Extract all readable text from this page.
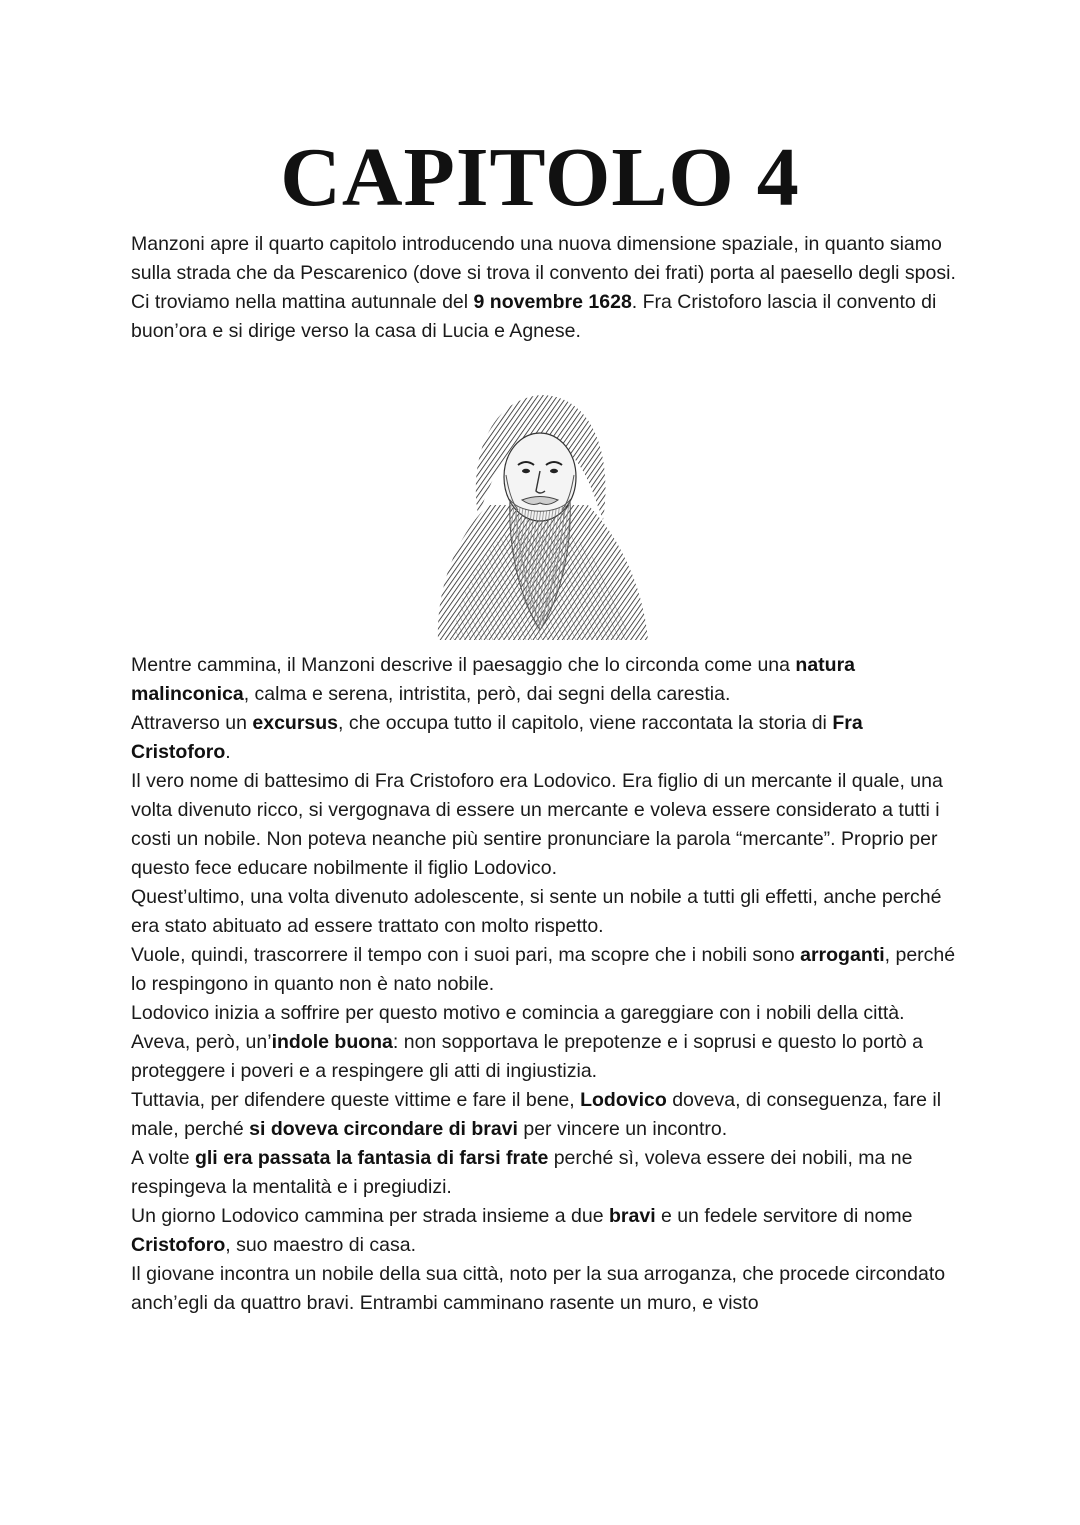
CAPITOLO 4

Manzoni apre il quarto capitolo introducendo una nuova dimensione spaziale, in quanto siamo sulla strada che da Pescarenico (dove si trova il convento dei frati) porta al paesello degli sposi.

Ci troviamo nella mattina autunnale del 9 novembre 1628. Fra Cristoforo lascia il convento di buon’ora e si dirige verso la casa di Lucia e Agnese.

Mentre cammina, il Manzoni descrive il paesaggio che lo circonda come una natura malinconica, calma e serena, intristita, però, dai segni della carestia.

Attraverso un excursus, che occupa tutto il capitolo, viene raccontata la storia di Fra Cristoforo.

Il vero nome di battesimo di Fra Cristoforo era Lodovico. Era figlio di un mercante il quale, una volta divenuto ricco, si vergognava di essere un mercante e voleva essere considerato a tutti i costi un nobile. Non poteva neanche più sentire pronunciare la parola “mercante”. Proprio per questo fece educare nobilmente il figlio Lodovico.

Quest’ultimo, una volta divenuto adolescente, si sente un nobile a tutti gli effetti, anche perché era stato abituato ad essere trattato con molto rispetto.

Vuole, quindi, trascorrere il tempo con i suoi pari, ma scopre che i nobili sono arroganti, perché lo respingono in quanto non è nato nobile.

Lodovico inizia a soffrire per questo motivo e comincia a gareggiare con i nobili della città. Aveva, però, un’indole buona: non sopportava le prepotenze e i soprusi e questo lo portò a proteggere i poveri e a respingere gli atti di ingiustizia.

Tuttavia, per difendere queste vittime e fare il bene, Lodovico doveva, di conseguenza, fare il male, perché si doveva circondare di bravi per vincere un incontro.

A volte gli era passata la fantasia di farsi frate perché sì, voleva essere dei nobili, ma ne respingeva la mentalità e i pregiudizi.

Un giorno Lodovico cammina per strada insieme a due bravi e un fedele servitore di nome Cristoforo, suo maestro di casa.

Il giovane incontra un nobile della sua città, noto per la sua arroganza, che procede circondato anch’egli da quattro bravi. Entrambi camminano rasente un muro, e visto
